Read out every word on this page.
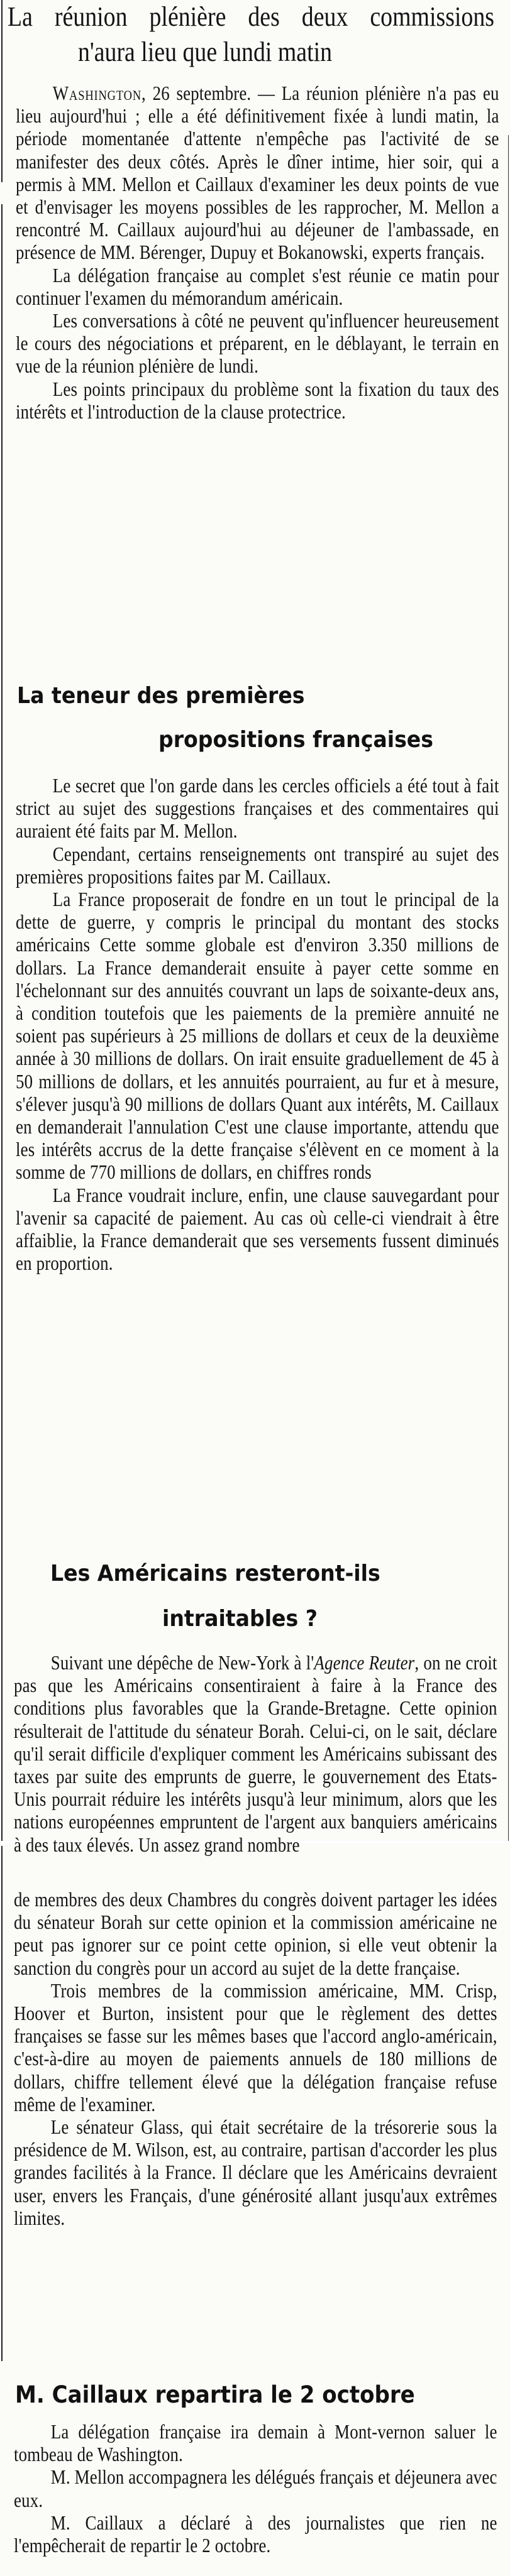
La réunion plénière des deux commissions
n'aura lieu que lundi matin

Washington, 26 septembre. — La réunion plénière n'a pas eu lieu aujourd'hui ; elle a été définitivement fixée à lundi matin, la période momentanée d'attente n'empêche pas l'activité de se manifester des deux côtés. Après le dîner intime, hier soir, qui a permis à MM. Mellon et Caillaux d'examiner les deux points de vue et d'envisager les moyens possibles de les rapprocher, M. Mellon a rencontré M. Caillaux aujourd'hui au déjeuner de l'ambassade, en présence de MM. Bérenger, Dupuy et Bokanowski, experts français.

La délégation française au complet s'est réunie ce matin pour continuer l'examen du mémorandum américain.

Les conversations à côté ne peuvent qu'influencer heureusement le cours des négociations et préparent, en le déblayant, le terrain en vue de la réunion plénière de lundi.

Les points principaux du problème sont la fixation du taux des intérêts et l'introduction de la clause protectrice.

La teneur des premières
propositions françaises

Le secret que l'on garde dans les cercles officiels a été tout à fait strict au sujet des suggestions françaises et des commentaires qui auraient été faits par M. Mellon.

Cependant, certains renseignements ont transpiré au sujet des premières propositions faites par M. Caillaux.

La France proposerait de fondre en un tout le principal de la dette de guerre, y compris le principal du montant des stocks américains Cette somme globale est d'environ 3.350 millions de dollars. La France demanderait ensuite à payer cette somme en l'échelonnant sur des annuités couvrant un laps de soixante-deux ans, à condition toutefois que les paiements de la première annuité ne soient pas supérieurs à 25 millions de dollars et ceux de la deuxième année à 30 millions de dollars. On irait ensuite graduellement de 45 à 50 millions de dollars, et les annuités pourraient, au fur et à mesure, s'élever jusqu'à 90 millions de dollars Quant aux intérêts, M. Caillaux en demanderait l'annulation C'est une clause importante, attendu que les intérêts accrus de la dette française s'élèvent en ce moment à la somme de 770 millions de dollars, en chiffres ronds

La France voudrait inclure, enfin, une clause sauvegardant pour l'avenir sa capacité de paiement. Au cas où celle-ci viendrait à être affaiblie, la France demanderait que ses versements fussent diminués en proportion.

Les Américains resteront-ils
intraitables ?

Suivant une dépêche de New-York à l'Agence Reuter, on ne croit pas que les Américains consentiraient à faire à la France des conditions plus favorables que la Grande-Bretagne. Cette opinion résulterait de l'attitude du sénateur Borah. Celui-ci, on le sait, déclare qu'il serait difficile d'expliquer comment les Américains subissant des taxes par suite des emprunts de guerre, le gouvernement des Etats-Unis pourrait réduire les intérêts jusqu'à leur minimum, alors que les nations européennes empruntent de l'argent aux banquiers américains à des taux élevés. Un assez grand nombre

de membres des deux Chambres du congrès doivent partager les idées du sénateur Borah sur cette opinion et la commission américaine ne peut pas ignorer sur ce point cette opinion, si elle veut obtenir la sanction du congrès pour un accord au sujet de la dette française.

Trois membres de la commission américaine, MM. Crisp, Hoover et Burton, insistent pour que le règlement des dettes françaises se fasse sur les mêmes bases que l'accord anglo-américain, c'est-à-dire au moyen de paiements annuels de 180 millions de dollars, chiffre tellement élevé que la délégation française refuse même de l'examiner.

Le sénateur Glass, qui était secrétaire de la trésorerie sous la présidence de M. Wilson, est, au contraire, partisan d'accorder les plus grandes facilités à la France. Il déclare que les Américains devraient user, envers les Français, d'une générosité allant jusqu'aux extrêmes limites.

M. Caillaux repartira le 2 octobre

La délégation française ira demain à Mont-vernon saluer le tombeau de Washington.

M. Mellon accompagnera les délégués français et déjeunera avec eux.

M. Caillaux a déclaré à des journalistes que rien ne l'empêcherait de repartir le 2 octobre.
